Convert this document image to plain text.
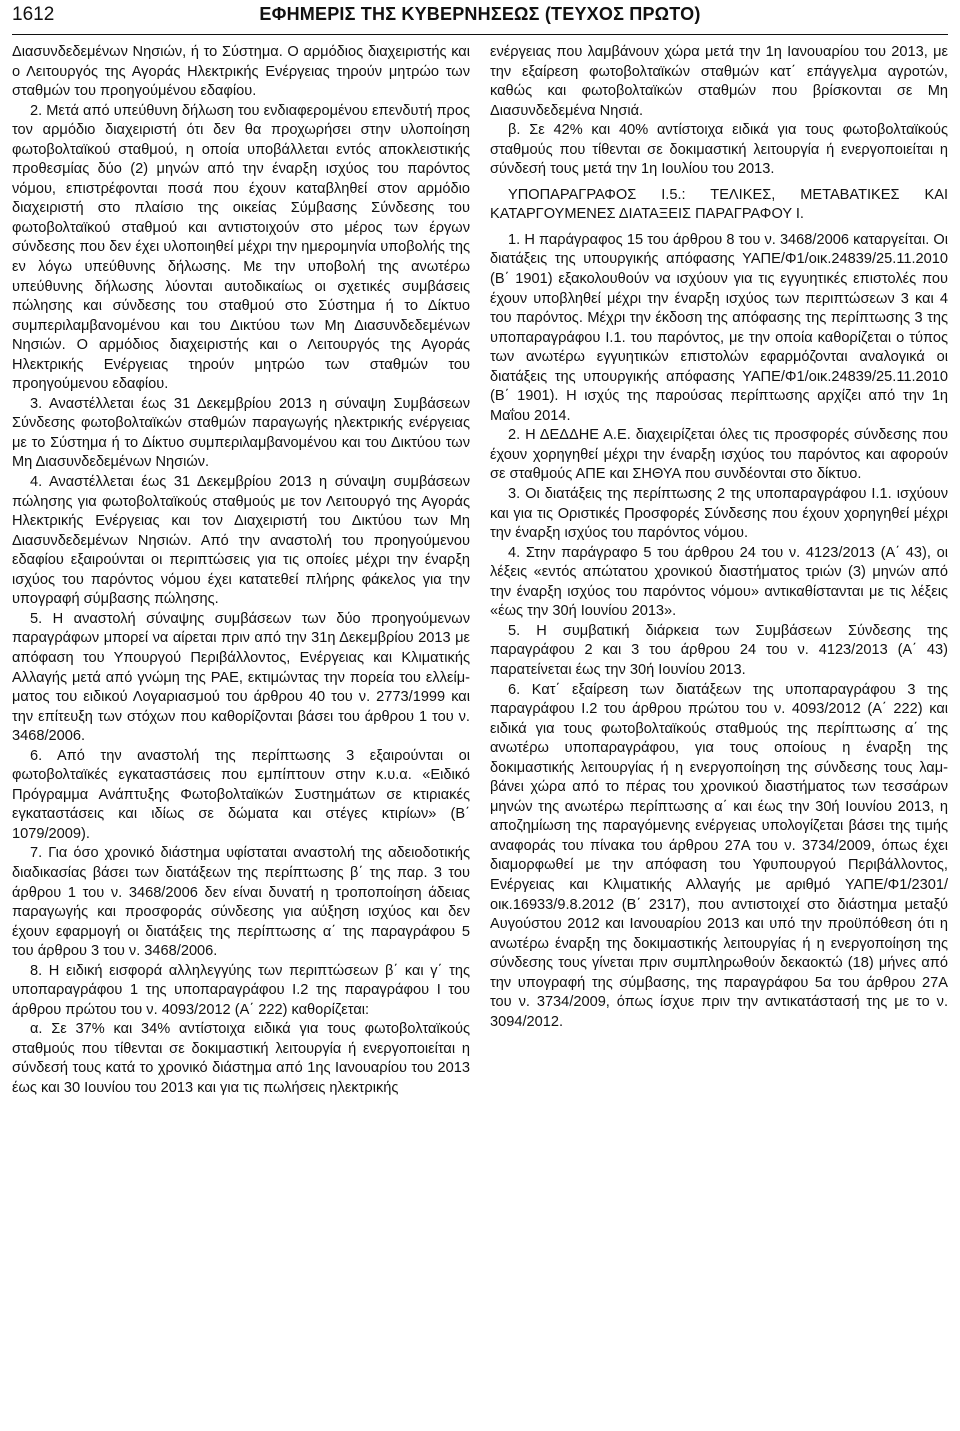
1612	ΕΦΗΜΕΡΙΣ ΤΗΣ ΚΥΒΕΡΝΗΣΕΩΣ (ΤΕΥΧΟΣ ΠΡΩΤΟ)

Διασυνδεδεμένων Νησιών, ή το Σύστημα. Ο αρμόδιος διαχειριστής και ο Λειτουργός της Αγοράς Ηλεκτρικής Ενέργειας τηρούν μητρώο των σταθμών του προηγούμένου εδαφίου.

2. Μετά από υπεύθυνη δήλωση του ενδιαφερομένου επενδυτή προς τον αρμόδιο διαχειριστή ότι δεν θα προχωρήσει στην υλοποίηση φωτοβολταϊκού σταθμού, η οποία υποβάλλεται εντός αποκλειστικής προθεσμίας δύο (2) μηνών από την έναρξη ισχύος του παρόντος νόμου, επιστρέφονται ποσά που έχουν καταβληθεί στον αρμόδιο διαχειριστή στο πλαίσιο της οικείας Σύμβασης Σύνδεσης του φωτοβολταϊκού σταθμού και αντιστοιχούν στο μέρος των έργων σύνδεσης που δεν έχει υλοποιηθεί μέχρι την ημερομηνία υποβολής της εν λόγω υπεύθυνης δήλωσης. Με την υποβολή της ανωτέρω υπεύθυνης δήλωσης λύονται αυτοδικαίως οι σχετικές συμβάσεις πώλησης και σύνδεσης του σταθμού στο Σύστημα ή το Δίκτυο συμπεριλαμβανομένου και του Δικτύου των Μη Διασυνδεδεμένων Νησιών. Ο αρμόδιος διαχειριστής και ο Λειτουργός της Αγοράς Ηλεκτρικής Ενέργειας τηρούν μητρώο των σταθμών του προηγούμενου εδαφίου.

3. Αναστέλλεται έως 31 Δεκεμβρίου 2013 η σύναψη Συμβάσεων Σύνδεσης φωτοβολταϊκών σταθμών παραγωγής ηλεκτρικής ενέργειας με το Σύστημα ή το Δίκτυο συμπεριλαμβανομένου και του Δικτύου των Μη Διασυνδεδεμένων Νησιών.

4. Αναστέλλεται έως 31 Δεκεμβρίου 2013 η σύναψη συμβάσεων πώλησης για φωτοβολταϊκούς σταθμούς με τον Λειτουργό της Αγοράς Ηλεκτρικής Ενέργειας και τον Διαχειριστή του Δικτύου των Μη Διασυνδεδεμένων Νησιών. Από την αναστολή του προηγούμενου εδαφίου εξαιρούνται οι περιπτώσεις για τις οποίες μέχρι την έναρξη ισχύος του παρόντος νόμου έχει κατατεθεί πλήρης φάκελος για την υπογραφή σύμβασης πώλησης.

5. Η αναστολή σύναψης συμβάσεων των δύο προηγούμενων παραγράφων μπορεί να αίρεται πριν από την 31η Δεκεμβρίου 2013 με απόφαση του Υπουργού Περιβάλλοντος, Ενέργειας και Κλιματικής Αλλαγής μετά από γνώμη της ΡΑΕ, εκτιμώντας την πορεία του ελλείμματος του ειδικού Λογαριασμού του άρθρου 40 του ν. 2773/1999 και την επίτευξη των στόχων που καθορίζονται βάσει του άρθρου 1 του ν. 3468/2006.

6. Από την αναστολή της περίπτωσης 3 εξαιρούνται οι φωτοβολταϊκές εγκαταστάσεις που εμπίπτουν στην κ.υ.α. «Ειδικό Πρόγραμμα Ανάπτυξης Φωτοβολταϊκών Συστημάτων σε κτιριακές εγκαταστάσεις και ιδίως σε δώματα και στέγες κτιρίων» (Β΄ 1079/2009).

7. Για όσο χρονικό διάστημα υφίσταται αναστολή της αδειοδοτικής διαδικασίας βάσει των διατάξεων της περίπτωσης β΄ της παρ. 3 του άρθρου 1 του ν. 3468/2006 δεν είναι δυνατή η τροποποίηση άδειας παραγωγής και προσφοράς σύνδεσης για αύξηση ισχύος και δεν έχουν εφαρμογή οι διατάξεις της περίπτωσης α΄ της παραγράφου 5 του άρθρου 3 του ν. 3468/2006.

8. Η ειδική εισφορά αλληλεγγύης των περιπτώσεων β΄ και γ΄ της υποπαραγράφου 1 της υποπαραγράφου Ι.2 της παραγράφου Ι του άρθρου πρώτου του ν. 4093/2012 (Α΄ 222) καθορίζεται:

α. Σε 37% και 34% αντίστοιχα ειδικά για τους φωτοβολταϊκούς σταθμούς που τίθενται σε δοκιμαστική λειτουργία ή ενεργοποιείται η σύνδεσή τους κατά το χρονικό διάστημα από 1ης Ιανουαρίου του 2013 έως και 30 Ιουνίου του 2013 και για τις πωλήσεις ηλεκτρικής

ενέργειας που λαμβάνουν χώρα μετά την 1η Ιανουαρίου του 2013, με την εξαίρεση φωτοβολταϊκών σταθμών κατ΄ επάγγελμα αγροτών, καθώς και φωτοβολταϊκών σταθμών που βρίσκονται σε Μη Διασυνδεδεμένα Νησιά.

β. Σε 42% και 40% αντίστοιχα ειδικά για τους φωτοβολταϊκούς σταθμούς που τίθενται σε δοκιμαστική λειτουργία ή ενεργοποιείται η σύνδεσή τους μετά την 1η Ιουλίου του 2013.

ΥΠΟΠΑΡΑΓΡΑΦΟΣ Ι.5.: ΤΕΛΙΚΕΣ, ΜΕΤΑΒΑΤΙΚΕΣ ΚΑΙ ΚΑΤΑΡΓΟΥΜΕΝΕΣ ΔΙΑΤΑΞΕΙΣ ΠΑΡΑΓΡΑΦΟΥ Ι.

1. Η παράγραφος 15 του άρθρου 8 του ν. 3468/2006 καταργείται. Οι διατάξεις της υπουργικής απόφασης ΥΑΠΕ/Φ1/οικ.24839/25.11.2010 (Β΄ 1901) εξακολουθούν να ισχύουν για τις εγγυητικές επιστολές που έχουν υποβληθεί μέχρι την έναρξη ισχύος των περιπτώσεων 3 και 4 του παρόντος. Μέχρι την έκδοση της απόφασης της περίπτωσης 3 της υποπαραγράφου Ι.1. του παρόντος, με την οποία καθορίζεται ο τύπος των ανωτέρω εγγυητικών επιστολών εφαρμόζονται αναλογικά οι διατάξεις της υπουργικής απόφασης ΥΑΠΕ/Φ1/οικ.24839/25.11.2010 (Β΄ 1901). Η ισχύς της παρούσας περίπτωσης αρχίζει από την 1η Μαΐου 2014.

2. Η ΔΕΔΔΗΕ Α.Ε. διαχειρίζεται όλες τις προσφορές σύνδεσης που έχουν χορηγηθεί μέχρι την έναρξη ισχύος του παρόντος και αφορούν σε σταθμούς ΑΠΕ και ΣΗΘΥΑ που συνδέονται στο δίκτυο.

3. Οι διατάξεις της περίπτωσης 2 της υποπαραγράφου Ι.1. ισχύουν και για τις Οριστικές Προσφορές Σύνδεσης που έχουν χορηγηθεί μέχρι την έναρξη ισχύος του παρόντος νόμου.

4. Στην παράγραφο 5 του άρθρου 24 του ν. 4123/2013 (Α΄ 43), οι λέξεις «εντός απώτατου χρονικού διαστήματος τριών (3) μηνών από την έναρξη ισχύος του παρόντος νόμου» αντικαθίστανται με τις λέξεις «έως την 30ή Ιουνίου 2013».

5. Η συμβατική διάρκεια των Συμβάσεων Σύνδεσης της παραγράφου 2 και 3 του άρθρου 24 του ν. 4123/2013 (Α΄ 43) παρατείνεται έως την 30ή Ιουνίου 2013.

6. Κατ΄ εξαίρεση των διατάξεων της υποπαραγράφου 3 της παραγράφου Ι.2 του άρθρου πρώτου του ν. 4093/2012 (Α΄ 222) και ειδικά για τους φωτοβολταϊκούς σταθμούς της περίπτωσης α΄ της ανωτέρω υποπαραγράφου, για τους οποίους η έναρξη της δοκιμαστικής λειτουργίας ή η ενεργοποίηση της σύνδεσης τους λαμβάνει χώρα από το πέρας του χρονικού διαστήματος των τεσσάρων μηνών της ανωτέρω περίπτωσης α΄ και έως την 30ή Ιουνίου 2013, η αποζημίωση της παραγόμενης ενέργειας υπολογίζεται βάσει της τιμής αναφοράς του πίνακα του άρθρου 27Α του ν. 3734/2009, όπως έχει διαμορφωθεί με την απόφαση του Υφυπουργού Περιβάλλοντος, Ενέργειας και Κλιματικής Αλλαγής με αριθμό ΥΑΠΕ/Φ1/2301/οικ.16933/9.8.2012 (Β΄ 2317), που αντιστοιχεί στο διάστημα μεταξύ Αυγούστου 2012 και Ιανουαρίου 2013 και υπό την προϋπόθεση ότι η ανωτέρω έναρξη της δοκιμαστικής λειτουργίας ή η ενεργοποίηση της σύνδεσης τους γίνεται πριν συμπληρωθούν δεκαοκτώ (18) μήνες από την υπογραφή της σύμβασης, της παραγράφου 5α του άρθρου 27Α του ν. 3734/2009, όπως ίσχυε πριν την αντικατάστασή της με το ν. 3094/2012.
